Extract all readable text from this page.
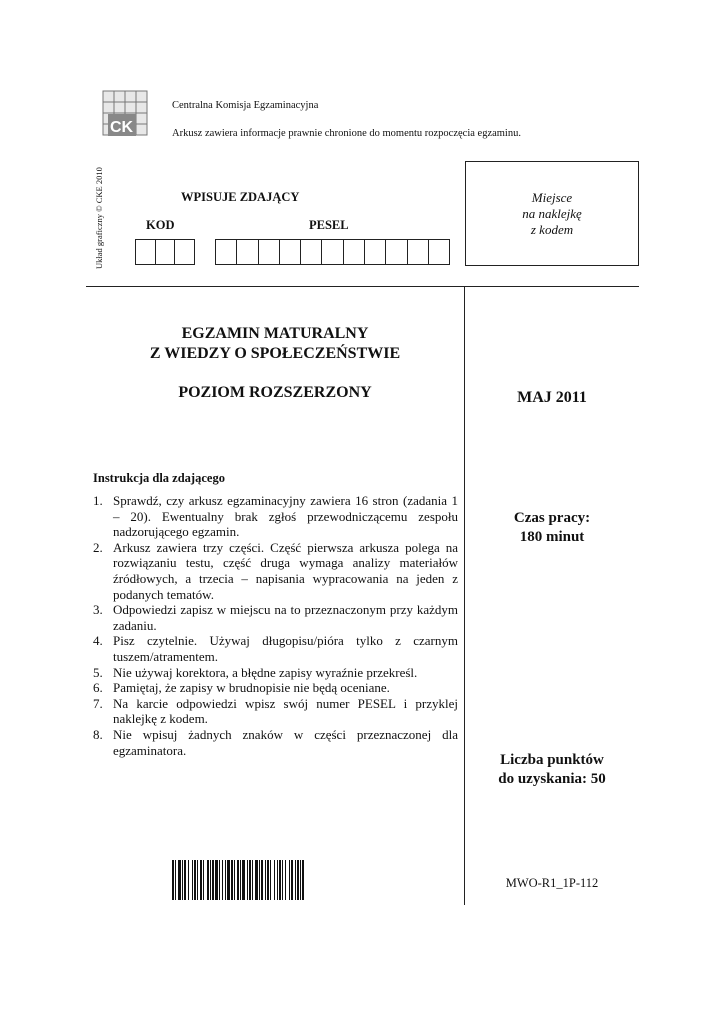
CK
Centralna Komisja Egzaminacyjna
Arkusz zawiera informacje prawnie chronione do momentu rozpoczęcia egzaminu.
Układ graficzny © CKE 2010	WPISUJE ZDAJĄCY
KOD	PESEL
Miejsce
na naklejkę
z kodem
EGZAMIN MATURALNY
Z WIEDZY O SPOŁECZEŃSTWIE
POZIOM ROZSZERZONY	MAJ 2011
Czas pracy:
180 minut
Liczba punktów
do uzyskania: 50
Instrukcja dla zdającego
1. Sprawdź, czy arkusz egzaminacyjny zawiera 16 stron (zadania 1 – 20). Ewentualny brak zgłoś przewodniczącemu zespołu nadzorującego egzamin.
2. Arkusz zawiera trzy części. Część pierwsza arkusza polega na rozwiązaniu testu, część druga wymaga analizy materiałów źródłowych, a trzecia – napisania wypracowania na jeden z podanych tematów.
3. Odpowiedzi zapisz w miejscu na to przeznaczonym przy każdym zadaniu.
4. Pisz czytelnie. Używaj długopisu/pióra tylko z czarnym tuszem/atramentem.
5. Nie używaj korektora, a błędne zapisy wyraźnie przekreśl.
6. Pamiętaj, że zapisy w brudnopisie nie będą oceniane.
7. Na karcie odpowiedzi wpisz swój numer PESEL i przyklej naklejkę z kodem.
8. Nie wpisuj żadnych znaków w części przeznaczonej dla egzaminatora.
MWO-R1_1P-112
